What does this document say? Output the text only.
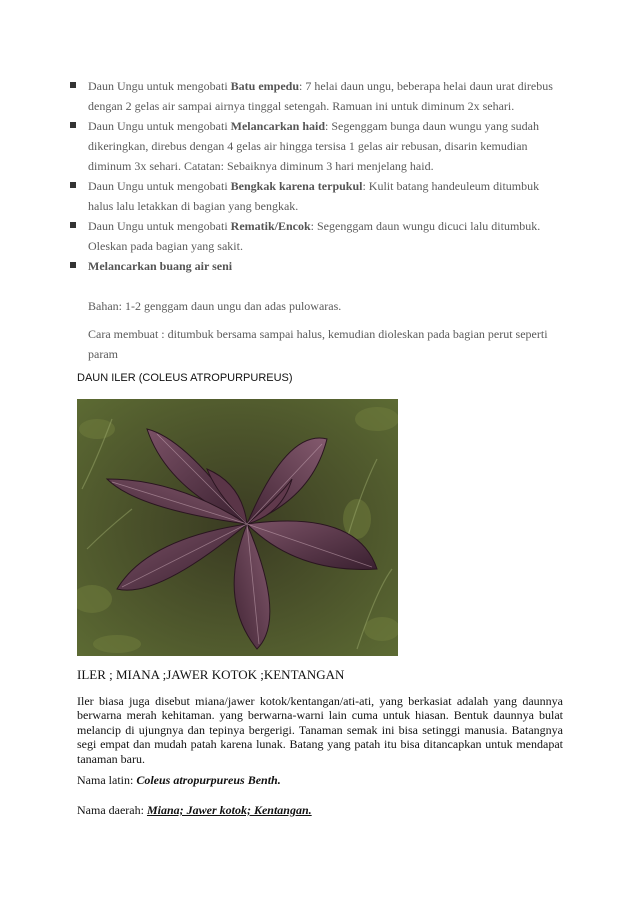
Daun Ungu untuk mengobati Batu empedu: 7 helai daun ungu, beberapa helai daun urat direbus dengan 2 gelas air sampai airnya tinggal setengah. Ramuan ini untuk diminum 2x sehari.
Daun Ungu untuk mengobati Melancarkan haid: Segenggam bunga daun wungu yang sudah dikeringkan, direbus dengan 4 gelas air hingga tersisa 1 gelas air rebusan, disarin kemudian diminum 3x sehari. Catatan: Sebaiknya diminum 3 hari menjelang haid.
Daun Ungu untuk mengobati Bengkak karena terpukul: Kulit batang handeuleum ditumbuk halus lalu letakkan di bagian yang bengkak.
Daun Ungu untuk mengobati Rematik/Encok: Segenggam daun wungu dicuci lalu ditumbuk. Oleskan pada bagian yang sakit.
Melancarkan buang air seni
Bahan: 1-2 genggam daun ungu dan adas pulowaras.
Cara membuat : ditumbuk bersama sampai halus, kemudian dioleskan pada bagian perut seperti param
DAUN ILER (COLEUS ATROPURPUREUS)
ILER ; MIANA ;JAWER KOTOK ;KENTANGAN
Iler biasa juga disebut miana/jawer kotok/kentangan/ati-ati, yang berkasiat adalah yang daunnya berwarna merah kehitaman. yang berwarna-warni lain cuma untuk hiasan. Bentuk daunnya bulat melancip di ujungnya dan tepinya bergerigi. Tanaman semak ini bisa setinggi manusia. Batangnya segi empat dan mudah patah karena lunak. Batang yang patah itu bisa ditancapkan untuk mendapat tanaman baru.
Nama latin: Coleus atropurpureus Benth.
Nama daerah: Miana; Jawer kotok; Kentangan.
